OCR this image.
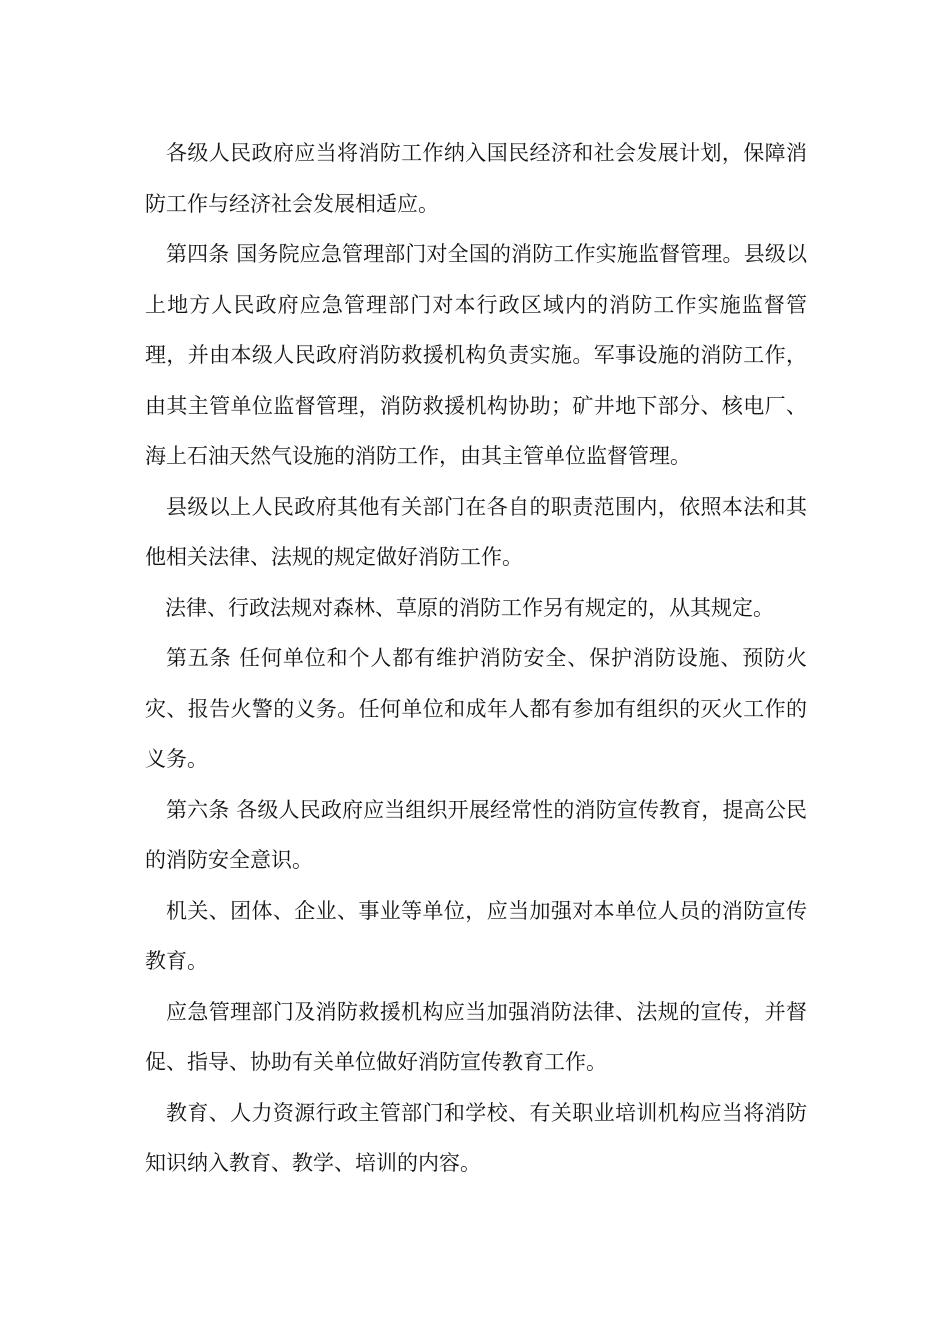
各级人民政府应当将消防工作纳入国民经济和社会发展计划，保障消防工作与经济社会发展相适应。

第四条 国务院应急管理部门对全国的消防工作实施监督管理。县级以上地方人民政府应急管理部门对本行政区域内的消防工作实施监督管理，并由本级人民政府消防救援机构负责实施。军事设施的消防工作，由其主管单位监督管理，消防救援机构协助；矿井地下部分、核电厂、海上石油天然气设施的消防工作，由其主管单位监督管理。

县级以上人民政府其他有关部门在各自的职责范围内，依照本法和其他相关法律、法规的规定做好消防工作。

法律、行政法规对森林、草原的消防工作另有规定的，从其规定。

第五条 任何单位和个人都有维护消防安全、保护消防设施、预防火灾、报告火警的义务。任何单位和成年人都有参加有组织的灭火工作的义务。

第六条 各级人民政府应当组织开展经常性的消防宣传教育，提高公民的消防安全意识。

机关、团体、企业、事业等单位，应当加强对本单位人员的消防宣传教育。

应急管理部门及消防救援机构应当加强消防法律、法规的宣传，并督促、指导、协助有关单位做好消防宣传教育工作。

教育、人力资源行政主管部门和学校、有关职业培训机构应当将消防知识纳入教育、教学、培训的内容。
